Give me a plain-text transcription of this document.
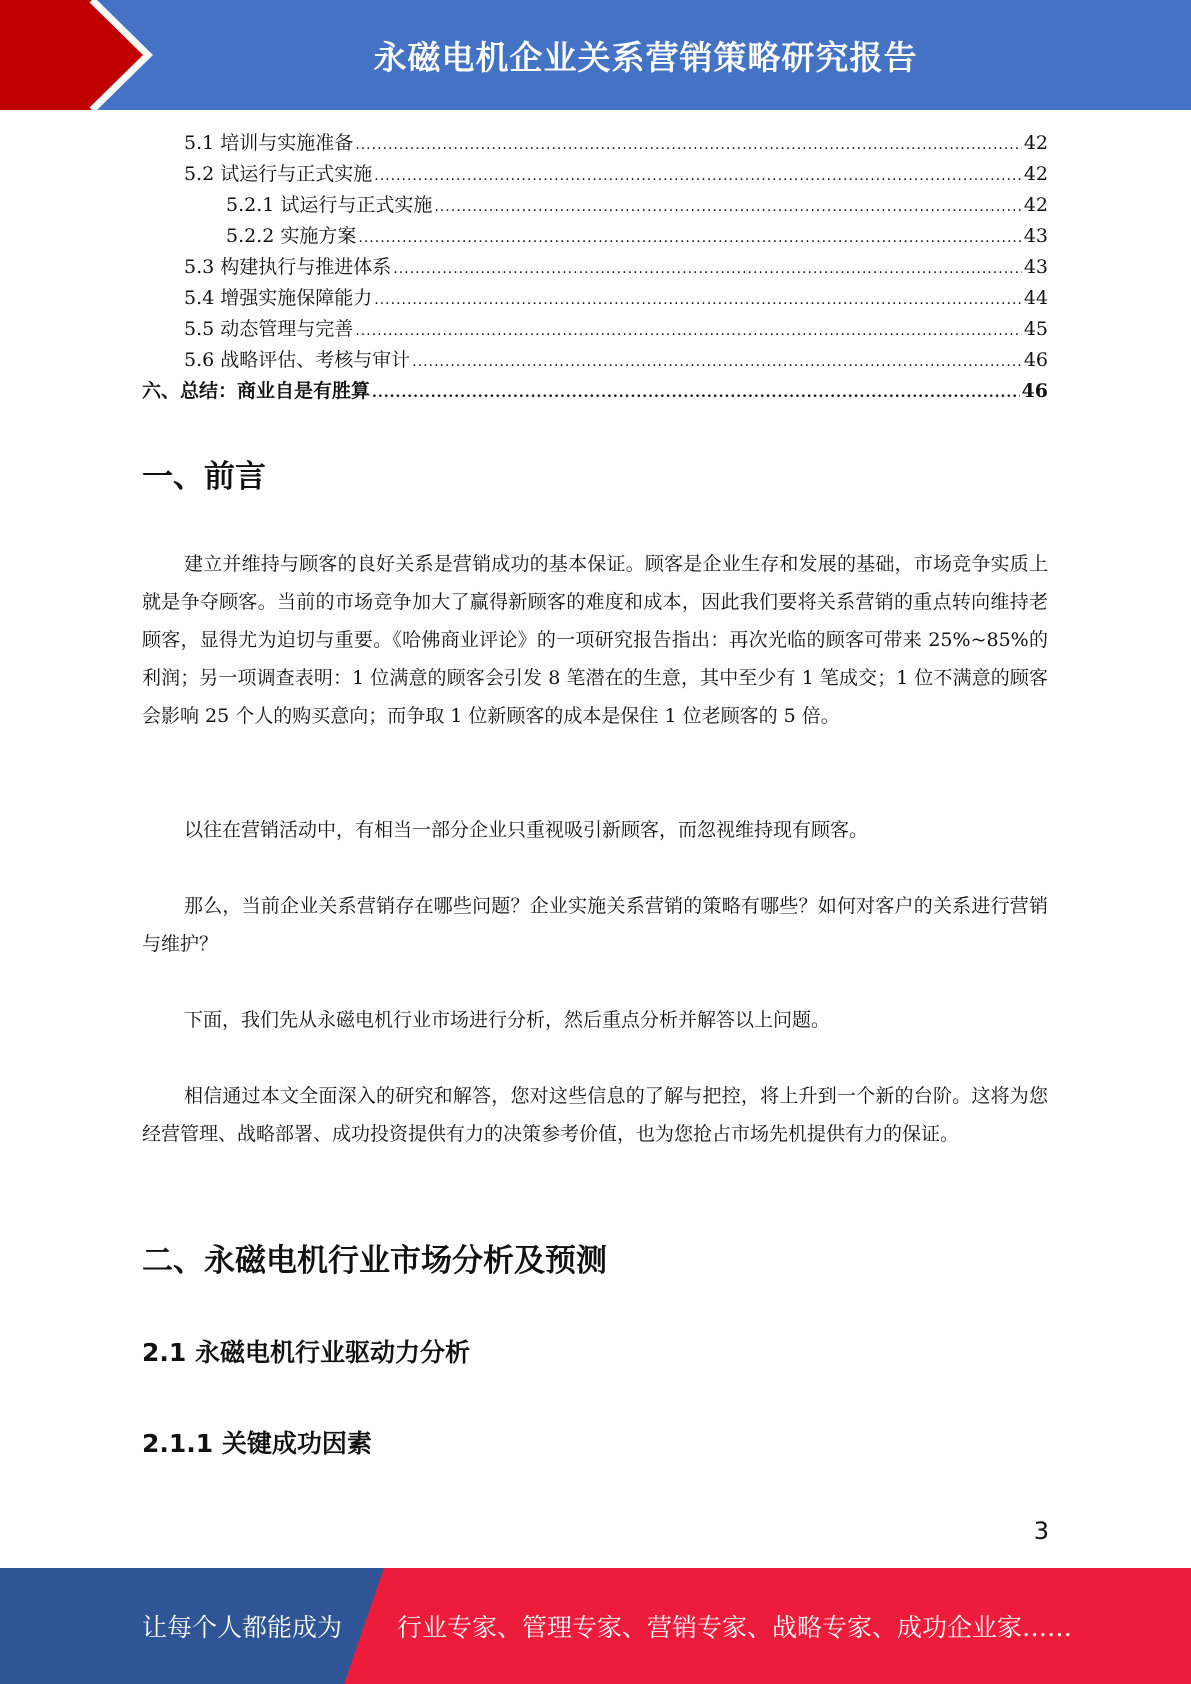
永磁电机企业关系营销策略研究报告
5.1 培训与实施准备 .....	42
5.2 试运行与正式实施 .....	42
5.2.1 试运行与正式实施 .....	42
5.2.2 实施方案 .....	43
5.3 构建执行与推进体系 .....	43
5.4 增强实施保障能力 .....	44
5.5 动态管理与完善 .....	45
5.6 战略评估、考核与审计 .....	46
六、总结：商业自是有胜算 .....	46
一、前言

建立并维持与顾客的良好关系是营销成功的基本保证。顾客是企业生存和发展的基础，市场竞争实质上就是争夺顾客。当前的市场竞争加大了赢得新顾客的难度和成本，因此我们要将关系营销的重点转向维持老顾客，显得尤为迫切与重要。《哈佛商业评论》的一项研究报告指出：再次光临的顾客可带来 25%~85%的利润；另一项调查表明：1 位满意的顾客会引发 8 笔潜在的生意，其中至少有 1 笔成交；1 位不满意的顾客会影响 25 个人的购买意向；而争取 1 位新顾客的成本是保住 1 位老顾客的 5 倍。

以往在营销活动中，有相当一部分企业只重视吸引新顾客，而忽视维持现有顾客。

那么，当前企业关系营销存在哪些问题？企业实施关系营销的策略有哪些？如何对客户的关系进行营销与维护？

下面，我们先从永磁电机行业市场进行分析，然后重点分析并解答以上问题。

相信通过本文全面深入的研究和解答，您对这些信息的了解与把控，将上升到一个新的台阶。这将为您经营管理、战略部署、成功投资提供有力的决策参考价值，也为您抢占市场先机提供有力的保证。

二、永磁电机行业市场分析及预测
2.1 永磁电机行业驱动力分析
2.1.1 关键成功因素
3
让每个人都能成为 行业专家、管理专家、营销专家、战略专家、成功企业家……
